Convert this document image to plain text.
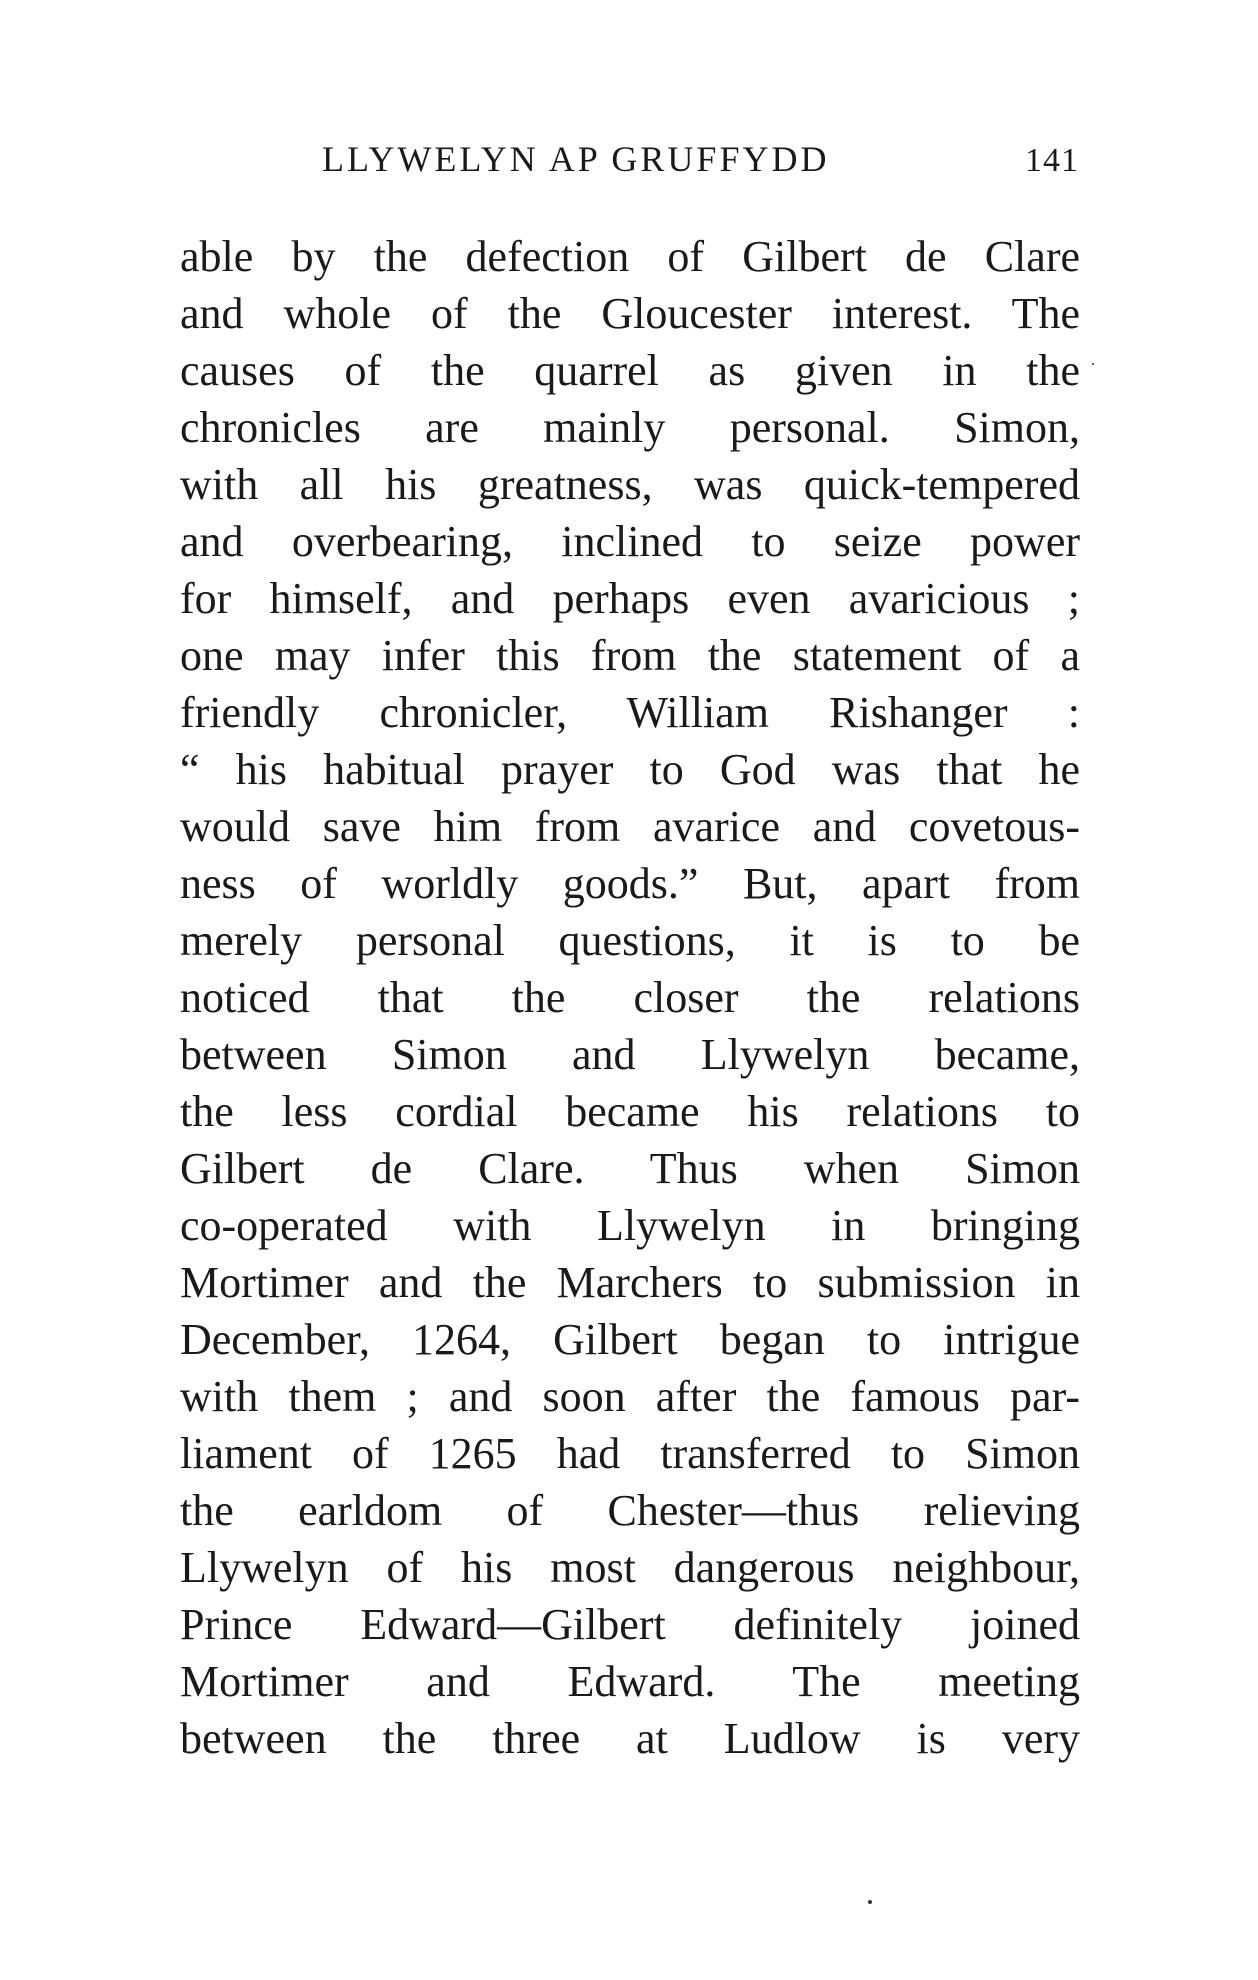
LLYWELYN AP GRUFFYDD	141
able by the defection of Gilbert de Clare
and whole of the Gloucester interest. The
causes of the quarrel as given in the
chronicles are mainly personal. Simon,
with all his greatness, was quick-tempered
and overbearing, inclined to seize power
for himself, and perhaps even avaricious ;
one may infer this from the statement of a
friendly chronicler, William Rishanger :
“ his habitual prayer to God was that he
would save him from avarice and covetous-
ness of worldly goods.” But, apart from
merely personal questions, it is to be
noticed that the closer the relations
between Simon and Llywelyn became,
the less cordial became his relations to
Gilbert de Clare. Thus when Simon
co-operated with Llywelyn in bringing
Mortimer and the Marchers to submission in
December, 1264, Gilbert began to intrigue
with them ; and soon after the famous par-
liament of 1265 had transferred to Simon
the earldom of Chester—thus relieving
Llywelyn of his most dangerous neighbour,
Prince Edward—Gilbert definitely joined
Mortimer and Edward. The meeting
between the three at Ludlow is very
